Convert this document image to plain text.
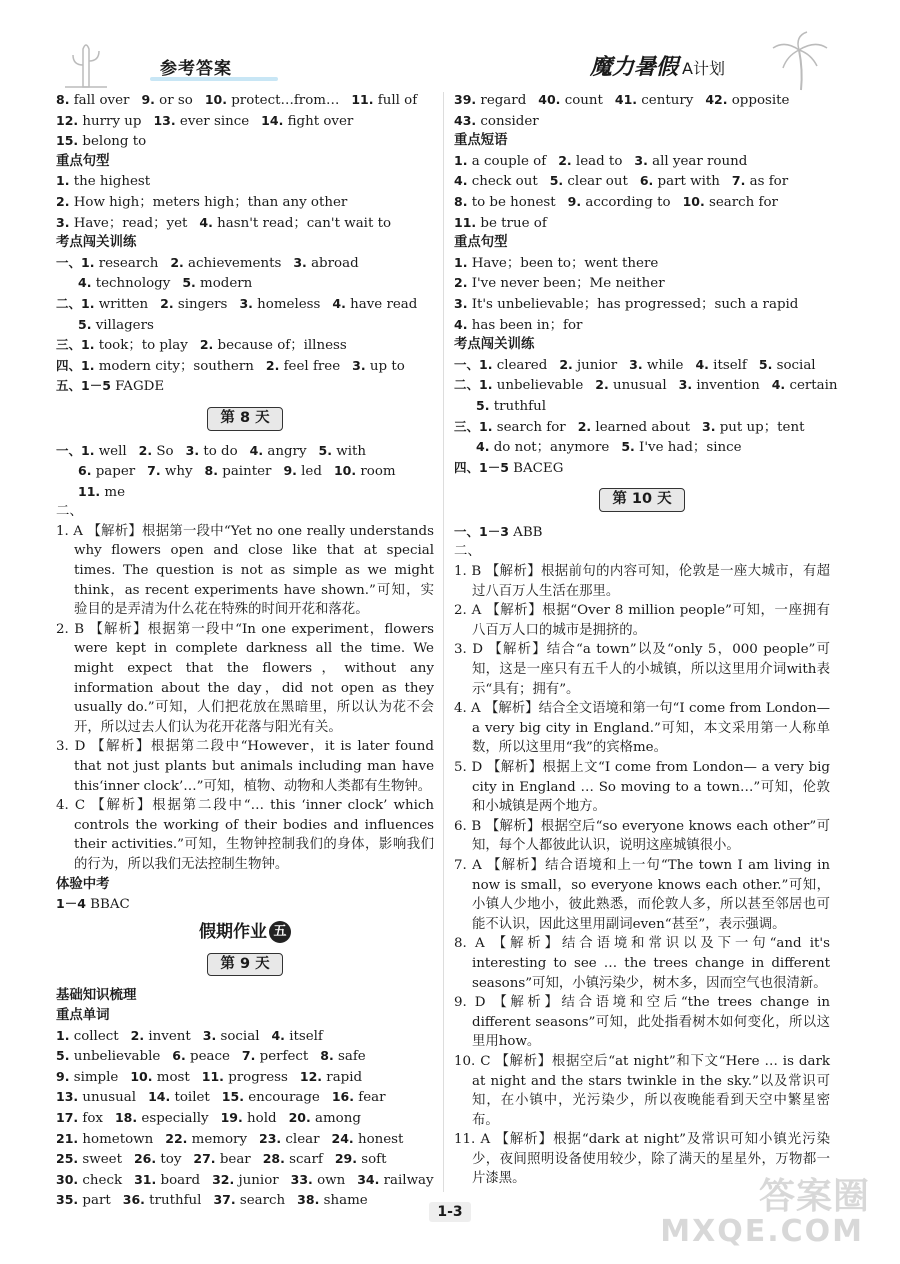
参考答案	魔力暑假 A计划
8. fall over 9. or so 10. protect…from… 11. full of
12. hurry up 13. ever since 14. fight over
15. belong to
重点句型
1. the highest
2. How high；meters high；than any other
3. Have；read；yet 4. hasn't read；can't wait to
考点闯关训练
一、1. research 2. achievements 3. abroad
4. technology 5. modern
二、1. written 2. singers 3. homeless 4. have read
5. villagers
三、1. took；to play 2. because of；illness
四、1. modern city；southern 2. feel free 3. up to
五、1－5 FAGDE
第 8 天
一、1. well 2. So 3. to do 4. angry 5. with
6. paper 7. why 8. painter 9. led 10. room
11. me
二、
1. A 【解析】根据第一段中“Yet no one really understands why flowers open and close like that at special times. The question is not as simple as we might think，as recent experiments have shown.”可知，实验目的是弄清为什么花在特殊的时间开花和落花。
2. B 【解析】根据第一段中“In one experiment，flowers were kept in complete darkness all the time. We might expect that the flowers，without any information about the day，did not open as they usually do.”可知，人们把花放在黑暗里，所以认为花不会开，所以过去人们认为花开花落与阳光有关。
3. D 【解析】根据第二段中“However，it is later found that not just plants but animals including man have this‘inner clock’…”可知，植物、动物和人类都有生物钟。
4. C 【解析】根据第二段中“… this ‘inner clock’ which controls the working of their bodies and influences their activities.”可知，生物钟控制我们的身体，影响我们的行为，所以我们无法控制生物钟。
体验中考
1－4 BBAC
假期作业 五
第 9 天
基础知识梳理
重点单词
1. collect 2. invent 3. social 4. itself
5. unbelievable 6. peace 7. perfect 8. safe
9. simple 10. most 11. progress 12. rapid
13. unusual 14. toilet 15. encourage 16. fear
17. fox 18. especially 19. hold 20. among
21. hometown 22. memory 23. clear 24. honest
25. sweet 26. toy 27. bear 28. scarf 29. soft
30. check 31. board 32. junior 33. own 34. railway
35. part 36. truthful 37. search 38. shame
39. regard 40. count 41. century 42. opposite
43. consider
重点短语
1. a couple of 2. lead to 3. all year round
4. check out 5. clear out 6. part with 7. as for
8. to be honest 9. according to 10. search for
11. be true of
重点句型
1. Have；been to；went there
2. I've never been；Me neither
3. It's unbelievable；has progressed；such a rapid
4. has been in；for
考点闯关训练
一、1. cleared 2. junior 3. while 4. itself 5. social
二、1. unbelievable 2. unusual 3. invention 4. certain
5. truthful
三、1. search for 2. learned about 3. put up；tent
4. do not；anymore 5. I've had；since
四、1－5 BACEG
第 10 天
一、1－3 ABB
二、
1. B 【解析】根据前句的内容可知，伦敦是一座大城市，有超过八百万人生活在那里。
2. A 【解析】根据“Over 8 million people”可知，一座拥有八百万人口的城市是拥挤的。
3. D 【解析】结合“a town”以及“only 5，000 people”可知，这是一座只有五千人的小城镇，所以这里用介词with表示“具有；拥有”。
4. A 【解析】结合全文语境和第一句“I come from London— a very big city in England.”可知，本文采用第一人称单数，所以这里用“我”的宾格me。
5. D 【解析】根据上文“I come from London— a very big city in England … So moving to a town…”可知，伦敦和小城镇是两个地方。
6. B 【解析】根据空后“so everyone knows each other”可知，每个人都彼此认识，说明这座城镇很小。
7. A 【解析】结合语境和上一句“The town I am living in now is small，so everyone knows each other.”可知，小镇人少地小，彼此熟悉，而伦敦人多，所以甚至邻居也可能不认识，因此这里用副词even“甚至”，表示强调。
8. A 【解析】结合语境和常识以及下一句“and it's interesting to see … the trees change in different seasons”可知，小镇污染少，树木多，因而空气也很清新。
9. D 【解析】结合语境和空后“the trees change in different seasons”可知，此处指看树木如何变化，所以这里用how。
10. C 【解析】根据空后“at night”和下文“Here … is dark at night and the stars twinkle in the sky.”以及常识可知，在小镇中，光污染少，所以夜晚能看到天空中繁星密布。
11. A 【解析】根据“dark at night”及常识可知小镇光污染少，夜间照明设备使用较少，除了满天的星星外，万物都一片漆黑。
1-3	答案圈
MXQE.COM
